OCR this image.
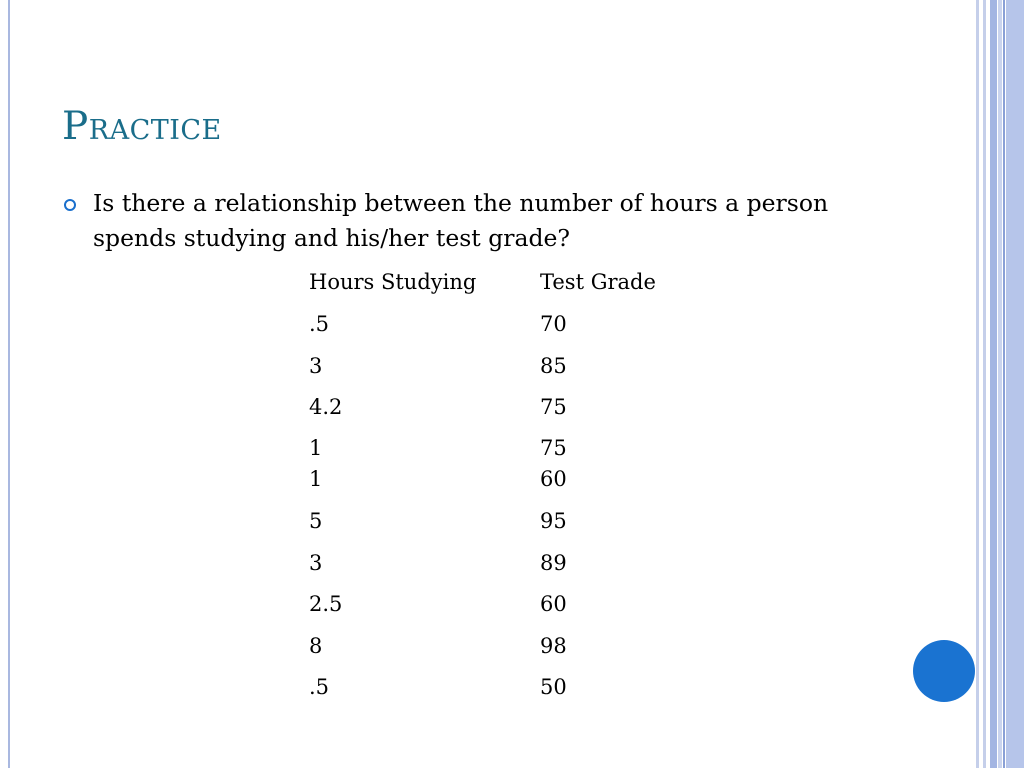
Practice
Is there a relationship between the number of hours a person spends studying and his/her test grade?
Hours Studying	Test Grade
.5	70
3	85
4.2	75
1	75
1	60
5	95
3	89
2.5	60
8	98
.5	50
